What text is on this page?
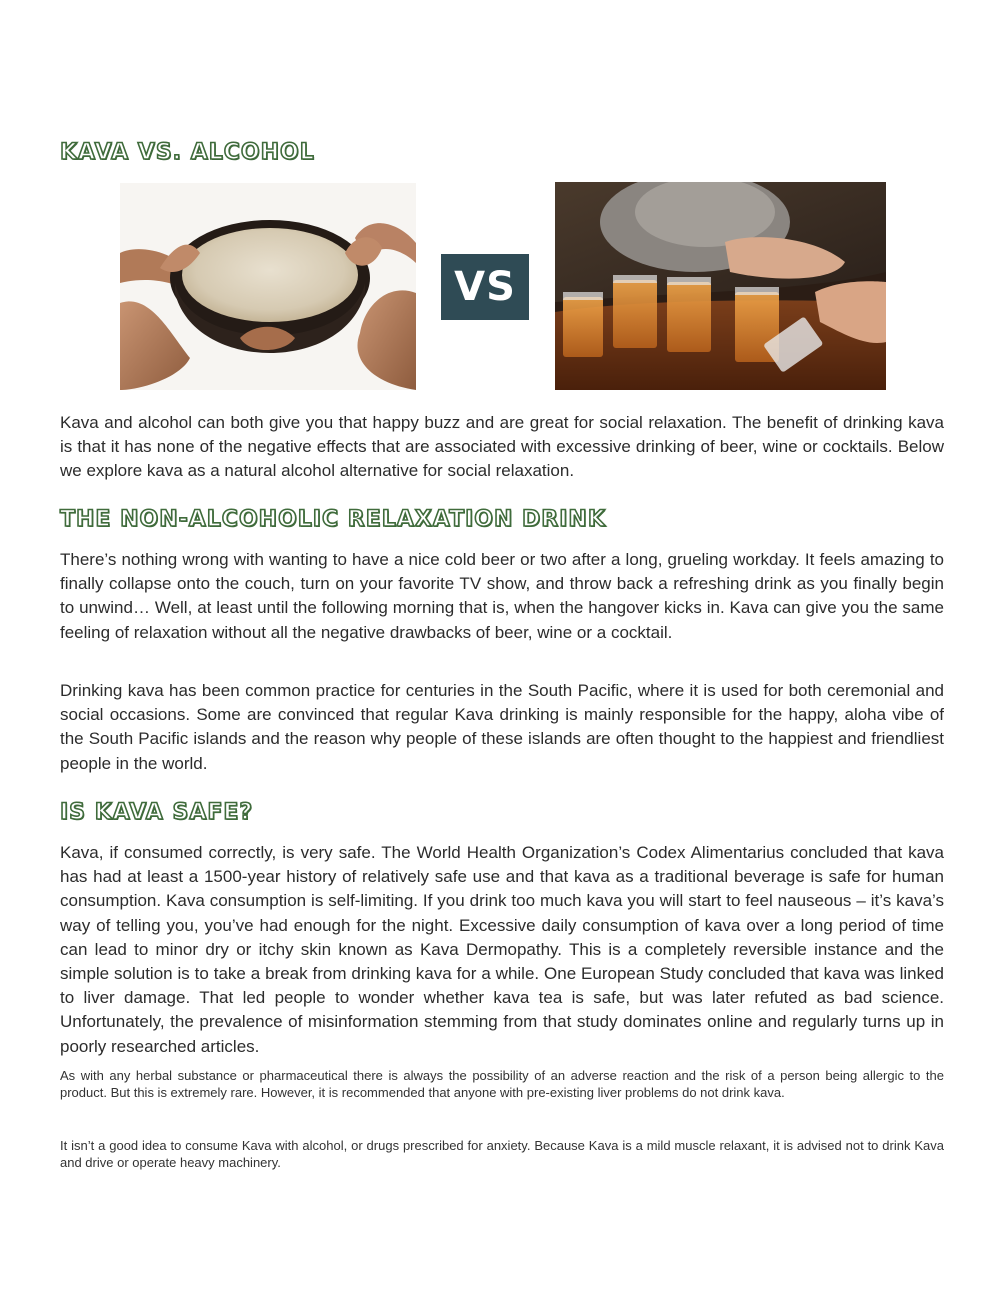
KAVA VS. ALCOHOL
VS

Kava and alcohol can both give you that happy buzz and are great for social relaxation. The benefit of drinking kava is that it has none of the negative effects that are associated with excessive drinking of beer, wine or cocktails. Below we explore kava as a natural alcohol alternative for social relaxation.

THE NON-ALCOHOLIC RELAXATION DRINK

There’s nothing wrong with wanting to have a nice cold beer or two after a long, grueling workday. It feels amazing to finally collapse onto the couch, turn on your favorite TV show, and throw back a refreshing drink as you finally begin to unwind… Well, at least until the following morning that is, when the hangover kicks in. Kava can give you the same feeling of relaxation without all the negative drawbacks of beer, wine or a cocktail.

Drinking kava has been common practice for centuries in the South Pacific, where it is used for both ceremonial and social occasions. Some are convinced that regular Kava drinking is mainly responsible for the happy, aloha vibe of the South Pacific islands and the reason why people of these islands are often thought to the happiest and friendliest people in the world.

IS KAVA SAFE?

Kava, if consumed correctly, is very safe. The World Health Organization’s Codex Alimentarius concluded that kava has had at least a 1500-year history of relatively safe use and that kava as a traditional beverage is safe for human consumption. Kava consumption is self-limiting. If you drink too much kava you will start to feel nauseous – it’s kava’s way of telling you, you’ve had enough for the night. Excessive daily consumption of kava over a long period of time can lead to minor dry or itchy skin known as Kava Dermopathy. This is a completely reversible instance and the simple solution is to take a break from drinking kava for a while. One European Study concluded that kava was linked to liver damage. That led people to wonder whether kava tea is safe, but was later refuted as bad science. Unfortunately, the prevalence of misinformation stemming from that study dominates online and regularly turns up in poorly researched articles.

As with any herbal substance or pharmaceutical there is always the possibility of an adverse reaction and the risk of a person being allergic to the product. But this is extremely rare. However, it is recommended that anyone with pre-existing liver problems do not drink kava.

It isn’t a good idea to consume Kava with alcohol, or drugs prescribed for anxiety. Because Kava is a mild muscle relaxant, it is advised not to drink Kava and drive or operate heavy machinery.
